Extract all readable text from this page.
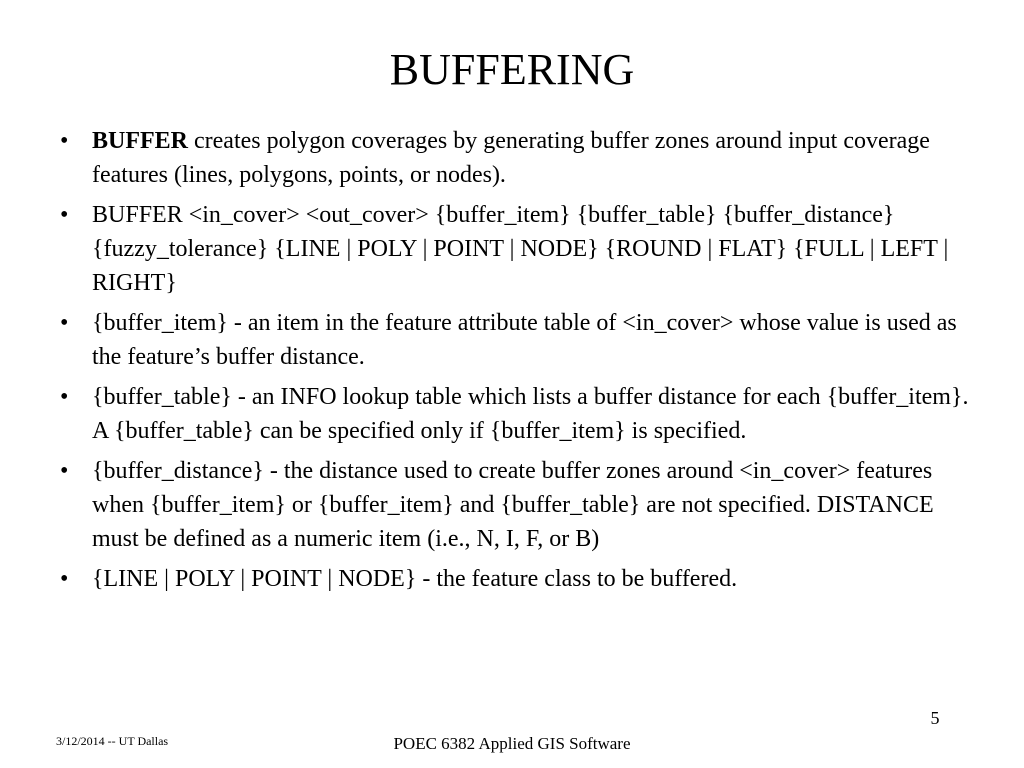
BUFFERING
• BUFFER creates polygon coverages by generating buffer zones around input coverage features (lines, polygons, points, or nodes).
• BUFFER <in_cover> <out_cover> {buffer_item} {buffer_table} {buffer_distance} {fuzzy_tolerance} {LINE | POLY | POINT | NODE} {ROUND | FLAT} {FULL | LEFT | RIGHT}
• {buffer_item} - an item in the feature attribute table of <in_cover> whose value is used as the feature’s buffer distance.
• {buffer_table} - an INFO lookup table which lists a buffer distance for each {buffer_item}. A {buffer_table} can be specified only if {buffer_item} is specified.
• {buffer_distance} - the distance used to create buffer zones around <in_cover> features when {buffer_item} or {buffer_item} and {buffer_table} are not specified. DISTANCE must be defined as a numeric item (i.e., N, I, F, or B)
• {LINE | POLY | POINT | NODE} - the feature class to be buffered.
5
3/12/2014 -- UT Dallas	POEC 6382 Applied GIS Software
